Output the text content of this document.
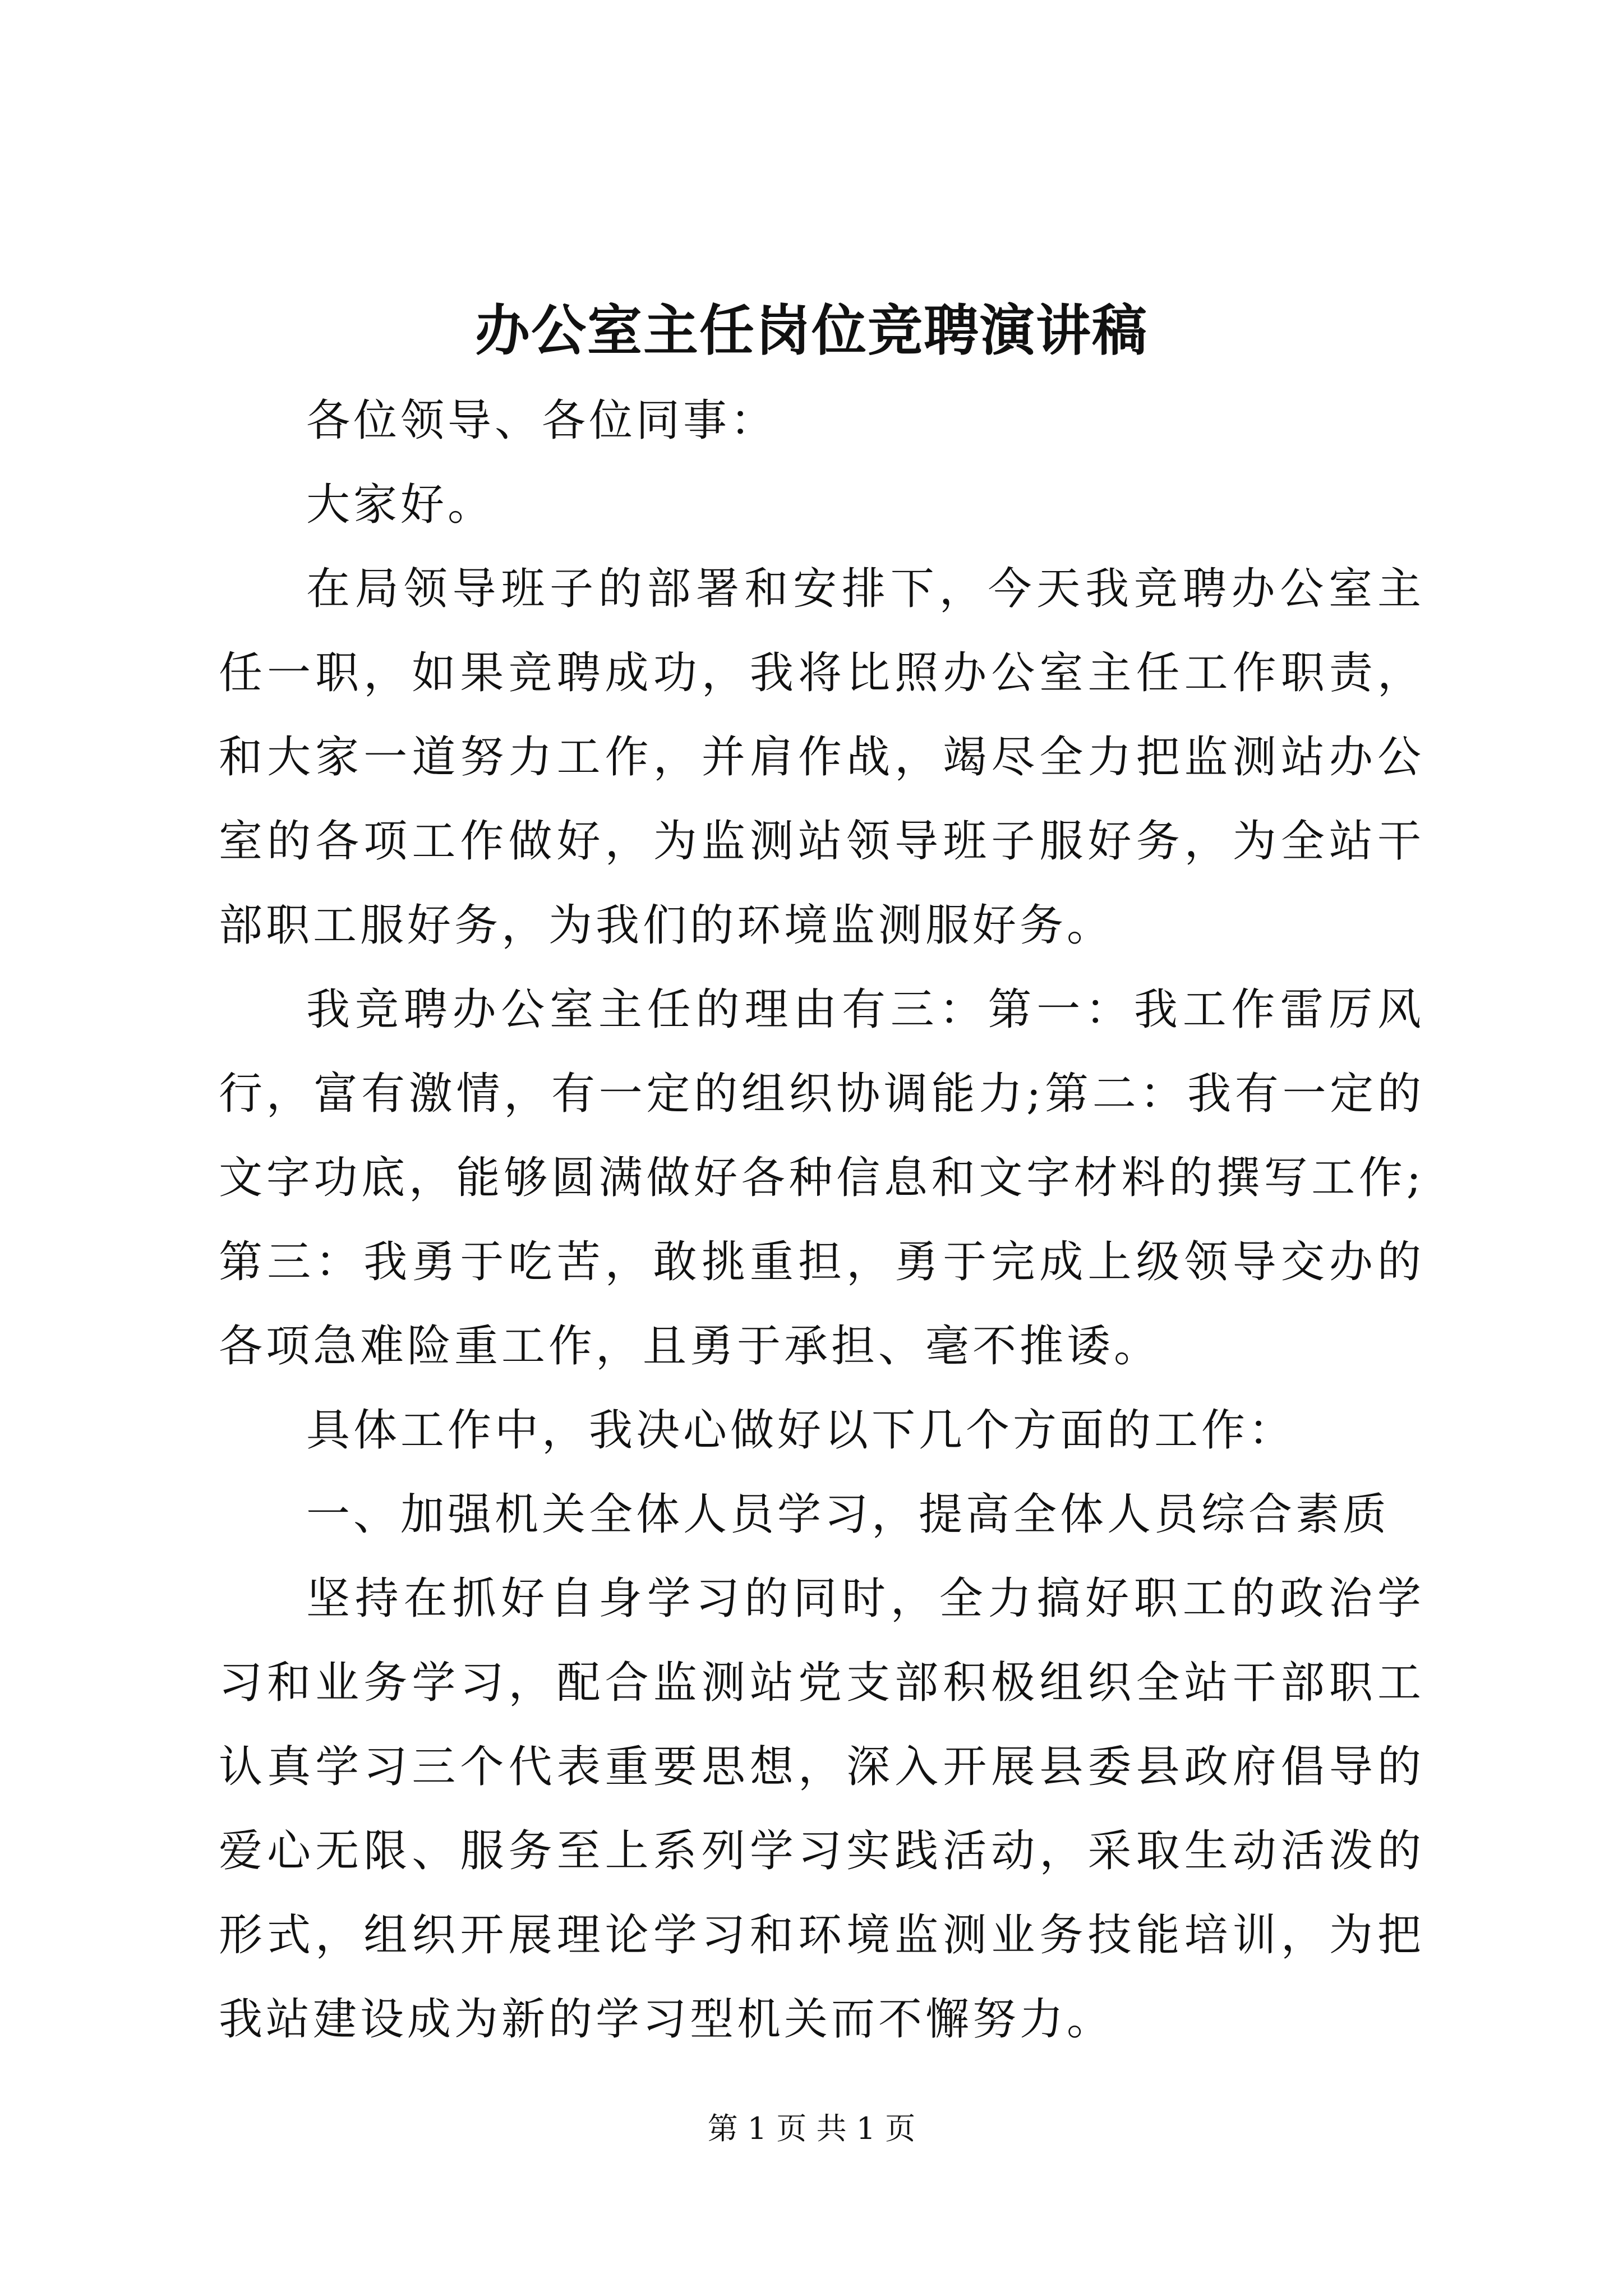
办公室主任岗位竞聘演讲稿

各位领导、各位同事：

大家好。

在局领导班子的部署和安排下，今天我竞聘办公室主任一职，如果竞聘成功，我将比照办公室主任工作职责，和大家一道努力工作，并肩作战，竭尽全力把监测站办公室的各项工作做好，为监测站领导班子服好务，为全站干部职工服好务，为我们的环境监测服好务。

我竞聘办公室主任的理由有三：第一：我工作雷厉风行，富有激情，有一定的组织协调能力;第二：我有一定的文字功底，能够圆满做好各种信息和文字材料的撰写工作;第三：我勇于吃苦，敢挑重担，勇于完成上级领导交办的各项急难险重工作，且勇于承担、毫不推诿。

具体工作中，我决心做好以下几个方面的工作：

一、加强机关全体人员学习，提高全体人员综合素质

坚持在抓好自身学习的同时，全力搞好职工的政治学习和业务学习，配合监测站党支部积极组织全站干部职工认真学习三个代表重要思想，深入开展县委县政府倡导的爱心无限、服务至上系列学习实践活动，采取生动活泼的形式，组织开展理论学习和环境监测业务技能培训，为把我站建设成为新的学习型机关而不懈努力。

第 1 页 共 1 页
